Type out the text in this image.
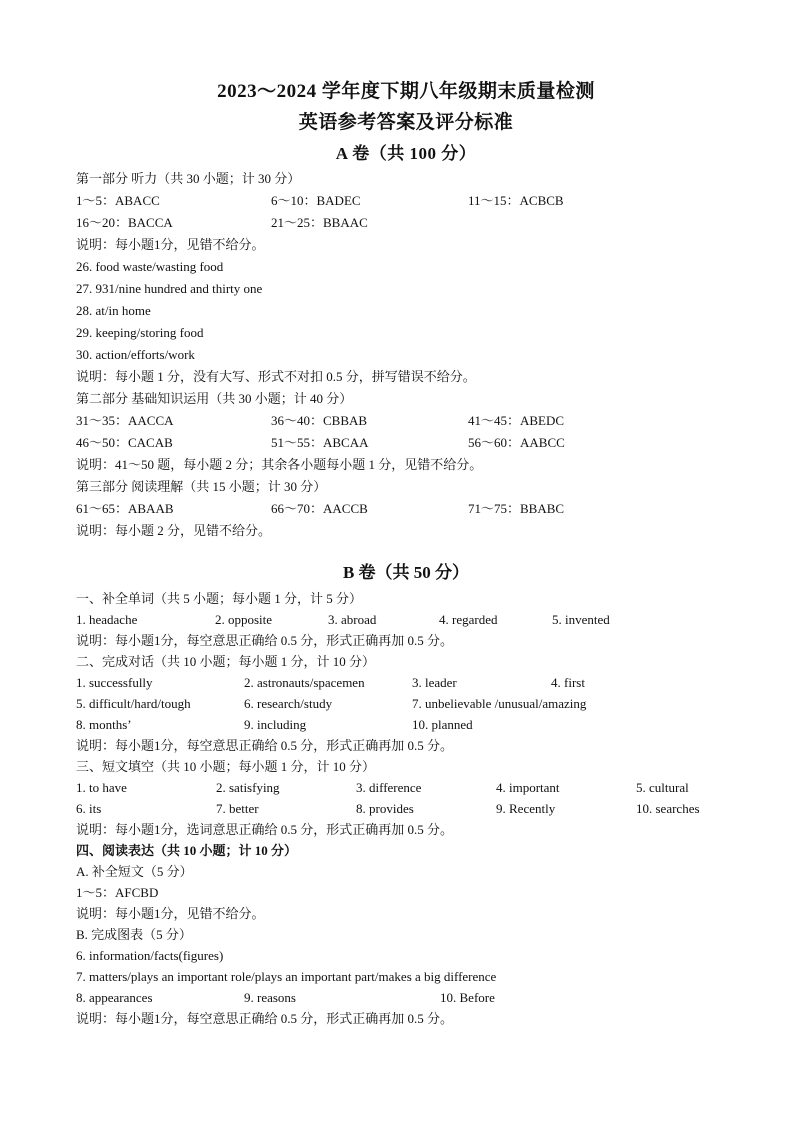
2023～2024 学年度下期八年级期末质量检测
英语参考答案及评分标准
A 卷（共 100 分）
第一部分 听力（共 30 小题；计 30 分）
1～5：ABACC	6～10：BADEC	11～15：ACBCB
16～20：BACCA	21～25：BBAAC
说明：每小题1分，见错不给分。
26. food waste/wasting food
27. 931/nine hundred and thirty one
28. at/in home
29. keeping/storing food
30. action/efforts/work
说明：每小题 1 分，没有大写、形式不对扣 0.5 分，拼写错误不给分。
第二部分 基础知识运用（共 30 小题；计 40 分）
31～35：AACCA	36～40：CBBAB	41～45：ABEDC
46～50：CACAB	51～55：ABCAA	56～60：AABCC
说明：41～50 题，每小题 2 分；其余各小题每小题 1 分，见错不给分。
第三部分 阅读理解（共 15 小题；计 30 分）
61～65：ABAAB	66～70：AACCB	71～75：BBABC
说明：每小题 2 分，见错不给分。
B 卷（共 50 分）
一、补全单词（共 5 小题；每小题 1 分，计 5 分）
1. headache	2. opposite	3. abroad	4. regarded	5. invented
说明：每小题1分，每空意思正确给 0.5 分，形式正确再加 0.5 分。
二、完成对话（共 10 小题；每小题 1 分，计 10 分）
1. successfully	2. astronauts/spacemen	3. leader	4. first
5. difficult/hard/tough	6. research/study	7. unbelievable /unusual/amazing
8. months’	9. including	10. planned
说明：每小题1分，每空意思正确给 0.5 分，形式正确再加 0.5 分。
三、短文填空（共 10 小题；每小题 1 分，计 10 分）
1. to have	2. satisfying	3. difference	4. important	5. cultural
6. its	7. better	8. provides	9. Recently	10. searches
说明：每小题1分，选词意思正确给 0.5 分，形式正确再加 0.5 分。
四、阅读表达（共 10 小题；计 10 分）
A. 补全短文（5 分）
1～5：AFCBD
说明：每小题1分，见错不给分。
B. 完成图表（5 分）
6. information/facts(figures)
7. matters/plays an important role/plays an important part/makes a big difference
8. appearances	9. reasons	10. Before
说明：每小题1分，每空意思正确给 0.5 分，形式正确再加 0.5 分。
